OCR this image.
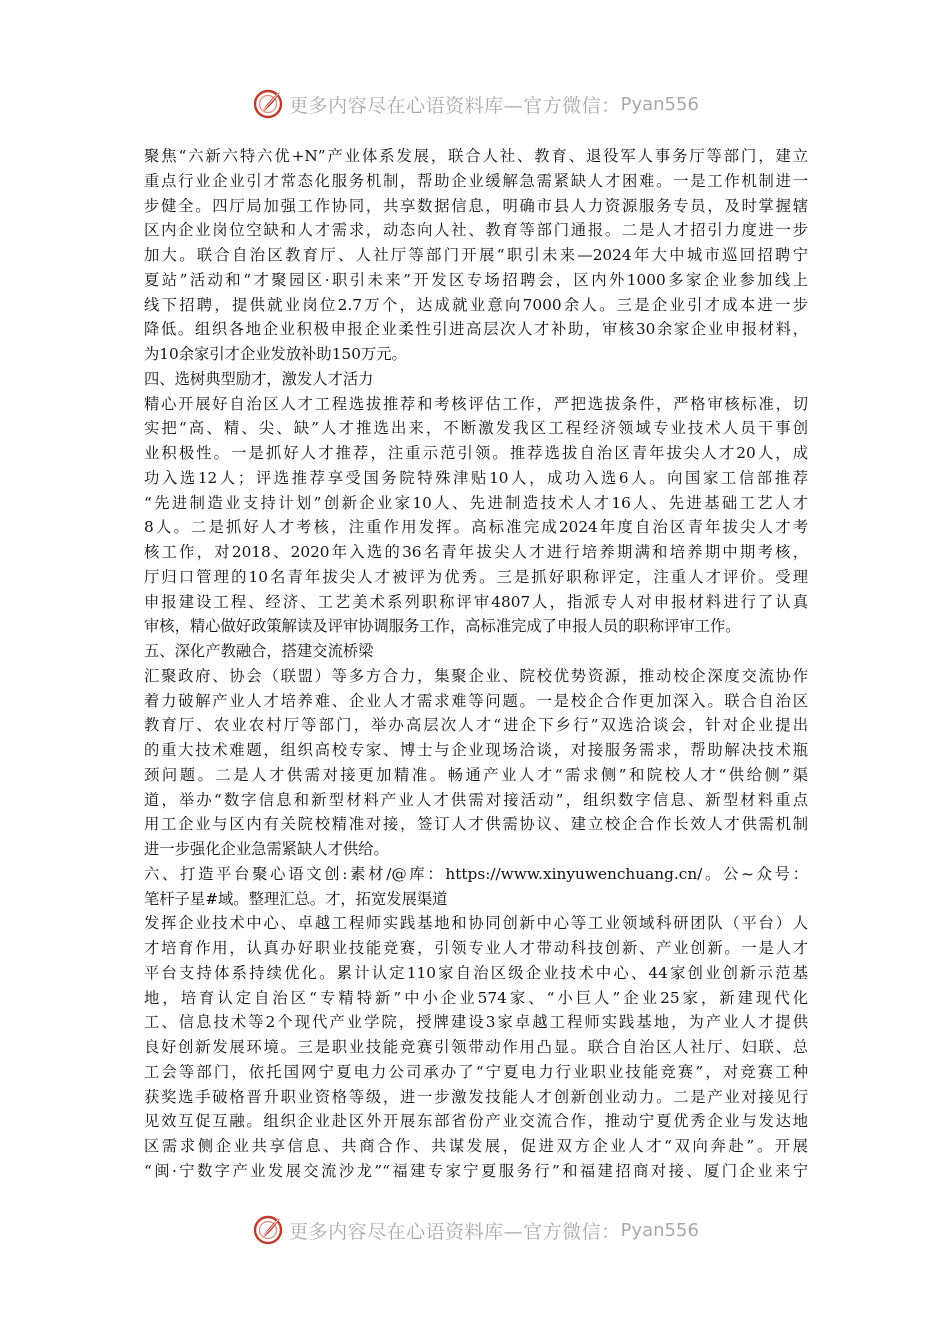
更多内容尽在心语资料库—官方微信： Pyan556
聚焦“六新六特六优+N”产业体系发展，联合人社、教育、退役军人事务厅等部门，建立
重点行业企业引才常态化服务机制，帮助企业缓解急需紧缺人才困难。一是工作机制进一
步健全。四厅局加强工作协同，共享数据信息，明确市县人力资源服务专员，及时掌握辖
区内企业岗位空缺和人才需求，动态向人社、教育等部门通报。二是人才招引力度进一步
加大。联合自治区教育厅、人社厅等部门开展“职引未来—2024年大中城市巡回招聘宁
夏站”活动和“才聚园区·职引未来”开发区专场招聘会，区内外1000多家企业参加线上
线下招聘，提供就业岗位2.7万个，达成就业意向7000余人。三是企业引才成本进一步
降低。组织各地企业积极申报企业柔性引进高层次人才补助，审核30余家企业申报材料，
为10余家引才企业发放补助150万元。
四、选树典型励才，激发人才活力
精心开展好自治区人才工程选拔推荐和考核评估工作，严把选拔条件，严格审核标准，切
实把“高、精、尖、缺”人才推选出来，不断激发我区工程经济领域专业技术人员干事创
业积极性。一是抓好人才推荐，注重示范引领。推荐选拔自治区青年拔尖人才20人，成
功入选12人；评选推荐享受国务院特殊津贴10人，成功入选6人。向国家工信部推荐
“先进制造业支持计划”创新企业家10人、先进制造技术人才16人、先进基础工艺人才
8人。二是抓好人才考核，注重作用发挥。高标准完成2024年度自治区青年拔尖人才考
核工作，对2018、2020年入选的36名青年拔尖人才进行培养期满和培养期中期考核，
厅归口管理的10名青年拔尖人才被评为优秀。三是抓好职称评定，注重人才评价。受理
申报建设工程、经济、工艺美术系列职称评审4807人，指派专人对申报材料进行了认真
审核，精心做好政策解读及评审协调服务工作，高标准完成了申报人员的职称评审工作。
五、深化产教融合，搭建交流桥梁
汇聚政府、协会（联盟）等多方合力，集聚企业、院校优势资源，推动校企深度交流协作
着力破解产业人才培养难、企业人才需求难等问题。一是校企合作更加深入。联合自治区
教育厅、农业农村厅等部门，举办高层次人才“进企下乡行”双选洽谈会，针对企业提出
的重大技术难题，组织高校专家、博士与企业现场洽谈，对接服务需求，帮助解决技术瓶
颈问题。二是人才供需对接更加精准。畅通产业人才“需求侧”和院校人才“供给侧”渠
道，举办“数字信息和新型材料产业人才供需对接活动”，组织数字信息、新型材料重点
用工企业与区内有关院校精准对接，签订人才供需协议、建立校企合作长效人才供需机制
进一步强化企业急需紧缺人才供给。
六、打造平台聚心语文创:素材/@库：https://www.xinyuwenchuang.cn/。公~众号：
笔杆子星#域。整理汇总。才，拓宽发展渠道
发挥企业技术中心、卓越工程师实践基地和协同创新中心等工业领域科研团队（平台）人
才培育作用，认真办好职业技能竞赛，引领专业人才带动科技创新、产业创新。一是人才
平台支持体系持续优化。累计认定110家自治区级企业技术中心、44家创业创新示范基
地，培育认定自治区“专精特新”中小企业574家、“小巨人”企业25家，新建现代化
工、信息技术等2个现代产业学院，授牌建设3家卓越工程师实践基地，为产业人才提供
良好创新发展环境。三是职业技能竞赛引领带动作用凸显。联合自治区人社厅、妇联、总
工会等部门，依托国网宁夏电力公司承办了“宁夏电力行业职业技能竞赛”，对竞赛工种
获奖选手破格晋升职业资格等级，进一步激发技能人才创新创业动力。二是产业对接见行
见效互促互融。组织企业赴区外开展东部省份产业交流合作，推动宁夏优秀企业与发达地
区需求侧企业共享信息、共商合作、共谋发展，促进双方企业人才“双向奔赴”。开展
“闽·宁数字产业发展交流沙龙”“福建专家宁夏服务行”和福建招商对接、厦门企业来宁
更多内容尽在心语资料库—官方微信： Pyan556
